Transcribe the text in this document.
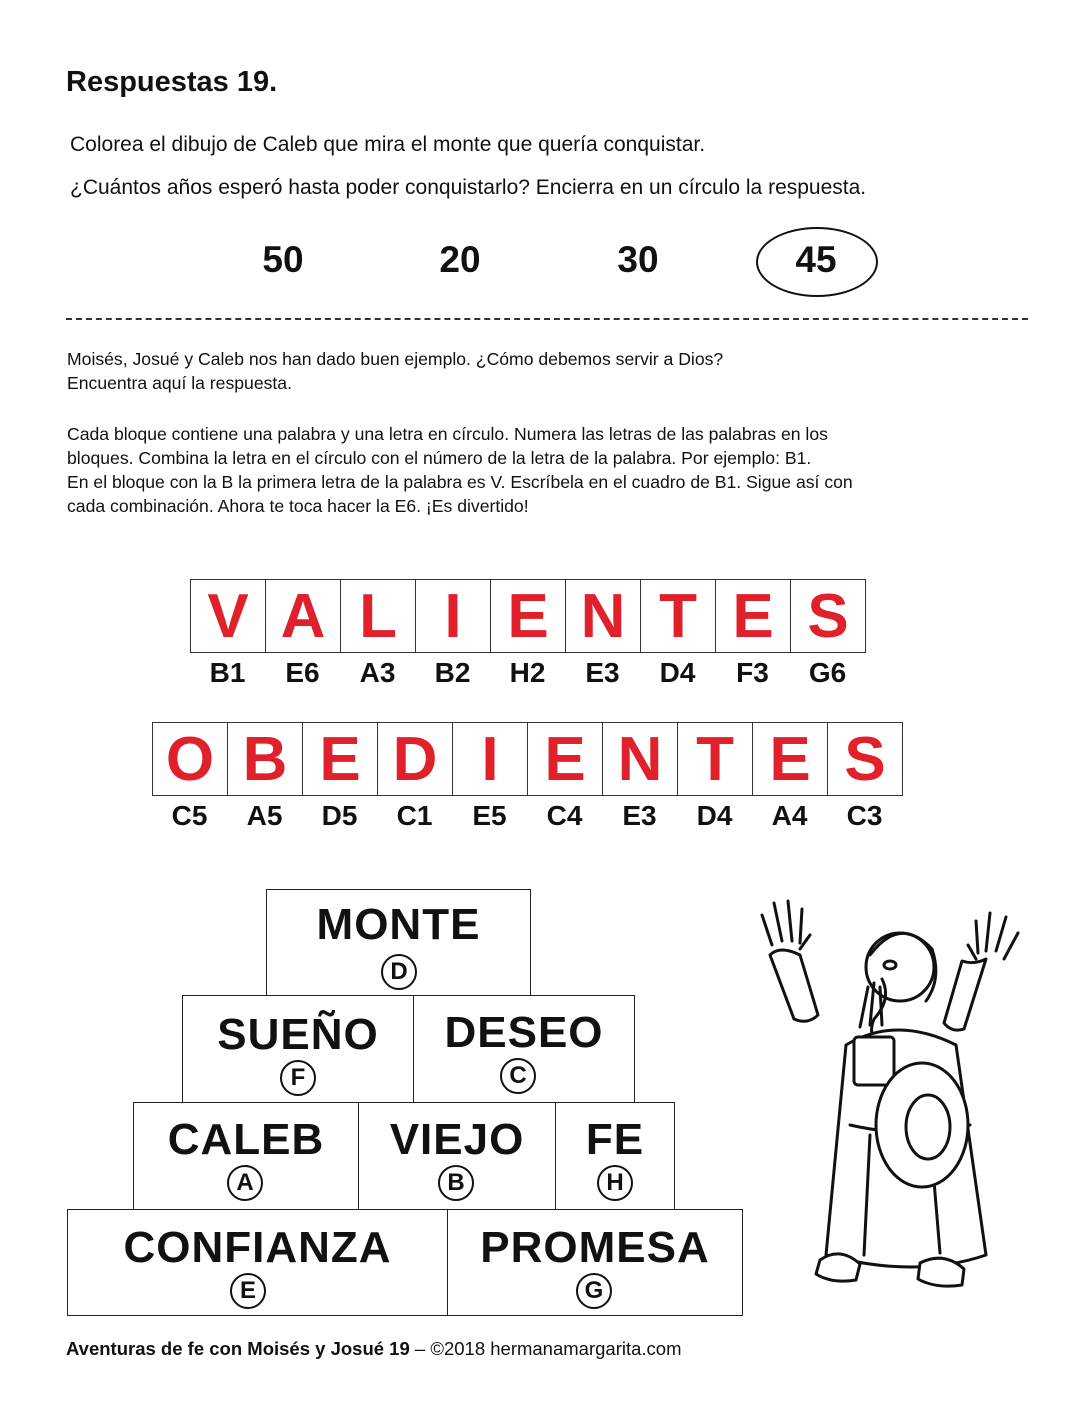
Respuestas 19.
Colorea el dibujo de Caleb que mira el monte que quería conquistar.
¿Cuántos años esperó hasta poder conquistarlo? Encierra en un círculo la respuesta.
50	20	30	45
Moisés, Josué y Caleb nos han dado buen ejemplo. ¿Cómo debemos servir a Dios?
Encuentra aquí la respuesta.
Cada bloque contiene una palabra y una letra en círculo. Numera las letras de las palabras en los
bloques. Combina la letra en el círculo con el número de la letra de la palabra. Por ejemplo: B1.
En el bloque con la B la primera letra de la palabra es V. Escríbela en el cuadro de B1. Sigue así con
cada combinación. Ahora te toca hacer la E6. ¡Es divertido!
V A L I E N T E S
B1	E6	A3	B2	H2	E3	D4	F3	G6
O B E D I E N T E S
C5	A5	D5	C1	E5	C4	E3	D4	A4	C3
MONTE
D
SUEÑO
F
DESEO
C
CALEB
A
VIEJO
B
FE
H
CONFIANZA
E
PROMESA
G
Aventuras de fe con Moisés y Josué 19 – ©2018 hermanamargarita.com
